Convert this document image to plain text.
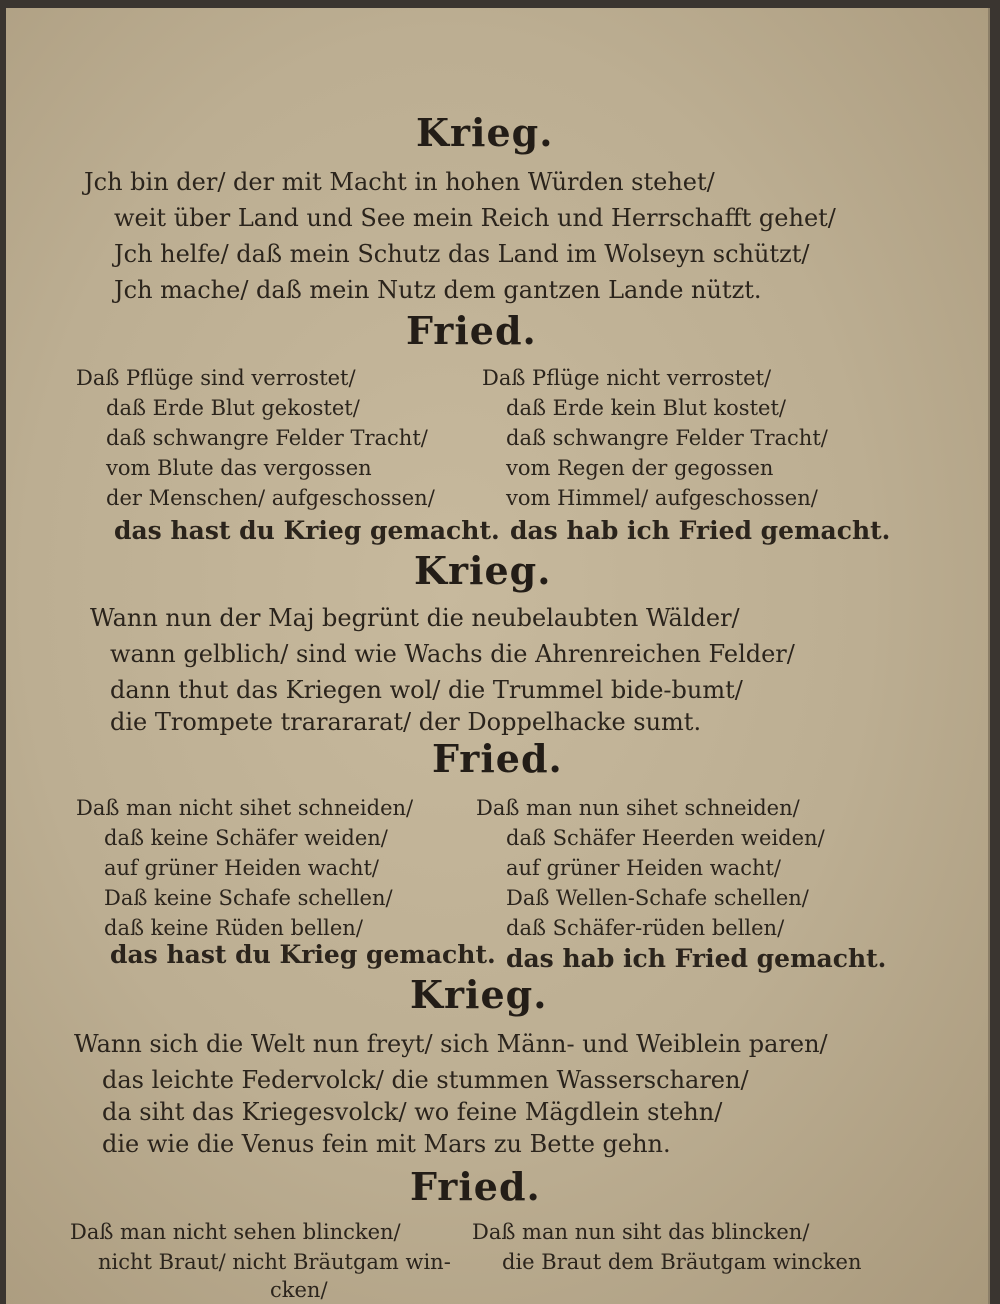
Krieg.
Jch bin der/ der mit Macht in hohen Würden stehet/
weit über Land und See mein Reich und Herrschafft gehet/
Jch helfe/ daß mein Schutz das Land im Wolseyn schützt/
Jch mache/ daß mein Nutz dem gantzen Lande nützt.
Fried.
Daß Pflüge sind verrostet/
daß Erde Blut gekostet/
daß schwangre Felder Tracht/
vom Blute das vergossen
der Menschen/ aufgeschossen/
das hast du Krieg gemacht.
Daß Pflüge nicht verrostet/
daß Erde kein Blut kostet/
daß schwangre Felder Tracht/
vom Regen der gegossen
vom Himmel/ aufgeschossen/
das hab ich Fried gemacht.
Krieg.
Wann nun der Maj begrünt die neubelaubten Wälder/
wann gelblich/ sind wie Wachs die Ahrenreichen Felder/
dann thut das Kriegen wol/ die Trummel bide-bumt/
die Trompete trarararat/ der Doppelhacke sumt.
Fried.
Daß man nicht sihet schneiden/
daß keine Schäfer weiden/
auf grüner Heiden wacht/
Daß keine Schafe schellen/
daß keine Rüden bellen/
das hast du Krieg gemacht.
Daß man nun sihet schneiden/
daß Schäfer Heerden weiden/
auf grüner Heiden wacht/
Daß Wellen-Schafe schellen/
daß Schäfer-rüden bellen/
das hab ich Fried gemacht.
Krieg.
Wann sich die Welt nun freyt/ sich Männ- und Weiblein paren/
das leichte Federvolck/ die stummen Wasserscharen/
da siht das Kriegesvolck/ wo feine Mägdlein stehn/
die wie die Venus fein mit Mars zu Bette gehn.
Fried.
Daß man nicht sehen blincken/
nicht Braut/ nicht Bräutgam win-
cken/
Daß man nun siht das blincken/
die Braut dem Bräutgam wincken
